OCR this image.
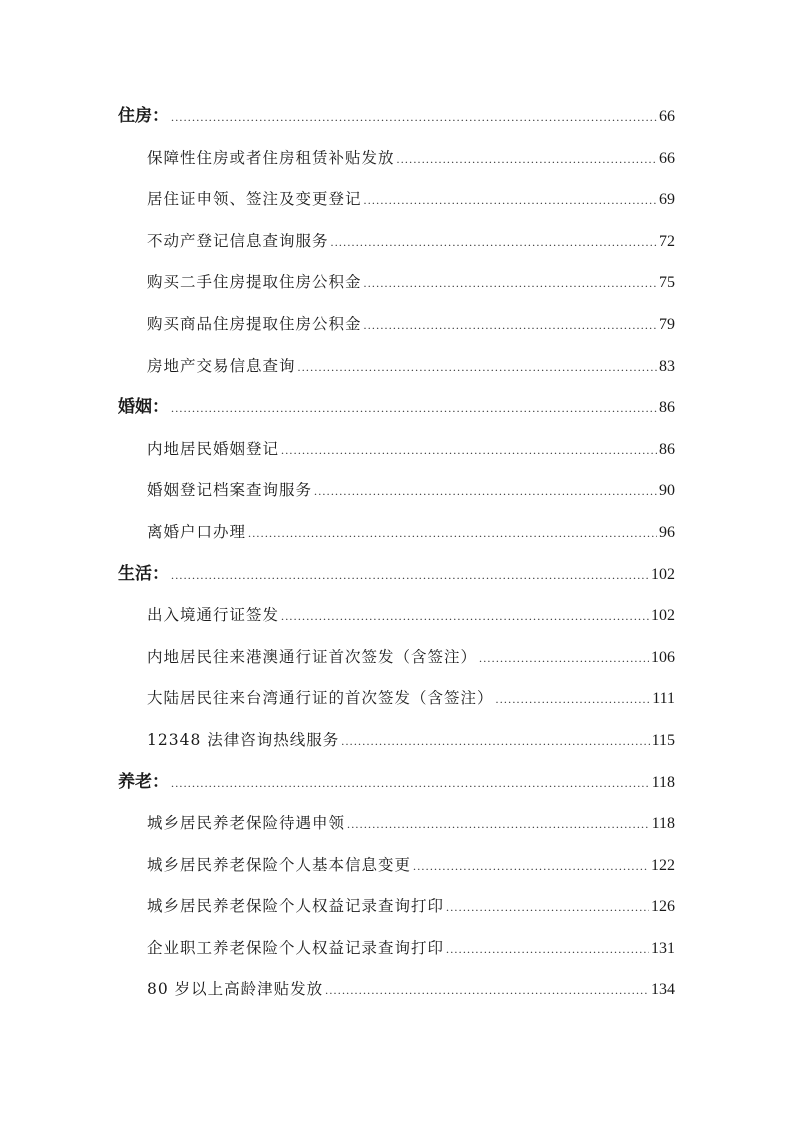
住房： .....	66
保障性住房或者住房租赁补贴发放 .....	66
居住证申领、签注及变更登记 .....	69
不动产登记信息查询服务 .....	72
购买二手住房提取住房公积金 .....	75
购买商品住房提取住房公积金 .....	79
房地产交易信息查询 .....	83
婚姻： .....	86
内地居民婚姻登记 .....	86
婚姻登记档案查询服务 .....	90
离婚户口办理 .....	96
生活： .....	102
出入境通行证签发 .....	102
内地居民往来港澳通行证首次签发（含签注） .....	106
大陆居民往来台湾通行证的首次签发（含签注） .....	111
12348 法律咨询热线服务 .....	115
养老： .....	118
城乡居民养老保险待遇申领 .....	118
城乡居民养老保险个人基本信息变更 .....	122
城乡居民养老保险个人权益记录查询打印 .....	126
企业职工养老保险个人权益记录查询打印 .....	131
80 岁以上高龄津贴发放 .....	134
